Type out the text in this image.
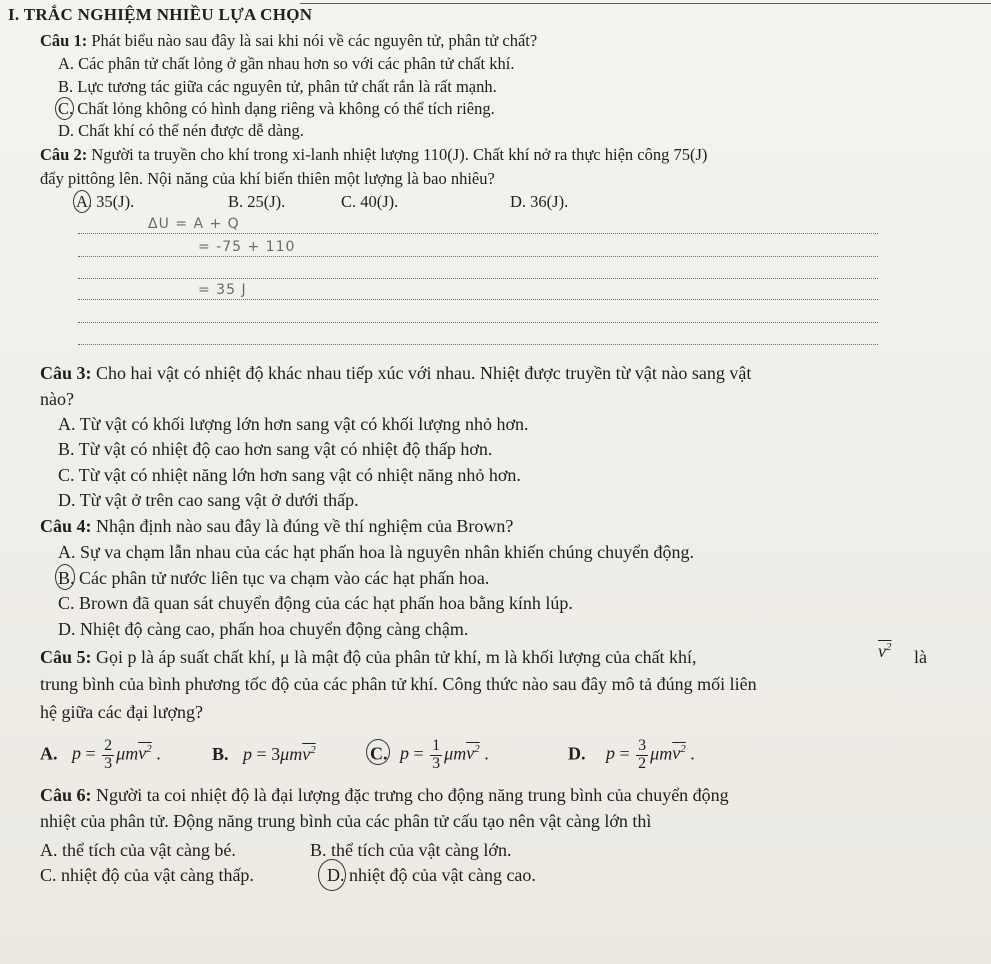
I. TRẮC NGHIỆM NHIỀU LỰA CHỌN
Câu 1: Phát biểu nào sau đây là sai khi nói về các nguyên tử, phân tử chất?
A. Các phân tử chất lỏng ở gần nhau hơn so với các phân tử chất khí.
B. Lực tương tác giữa các nguyên tử, phân tử chất rắn là rất mạnh.
C. Chất lỏng không có hình dạng riêng và không có thể tích riêng.
D. Chất khí có thể nén được dễ dàng.
Câu 2: Người ta truyền cho khí trong xi-lanh nhiệt lượng 110(J). Chất khí nở ra thực hiện công 75(J)
đẩy pittông lên. Nội năng của khí biến thiên một lượng là bao nhiêu?
A. 35(J).	B. 25(J).	C. 40(J).	D. 36(J).
ΔU = A + Q
= -75 + 110
= 35 J
Câu 3: Cho hai vật có nhiệt độ khác nhau tiếp xúc với nhau. Nhiệt được truyền từ vật nào sang vật
nào?
A. Từ vật có khối lượng lớn hơn sang vật có khối lượng nhỏ hơn.
B. Từ vật có nhiệt độ cao hơn sang vật có nhiệt độ thấp hơn.
C. Từ vật có nhiệt năng lớn hơn sang vật có nhiệt năng nhỏ hơn.
D. Từ vật ở trên cao sang vật ở dưới thấp.
Câu 4: Nhận định nào sau đây là đúng về thí nghiệm của Brown?
A. Sự va chạm lẫn nhau của các hạt phấn hoa là nguyên nhân khiến chúng chuyển động.
B. Các phân tử nước liên tục va chạm vào các hạt phấn hoa.
C. Brown đã quan sát chuyển động của các hạt phấn hoa bằng kính lúp.
D. Nhiệt độ càng cao, phấn hoa chuyển động càng chậm.
Câu 5: Gọi p là áp suất chất khí, μ là mật độ của phân tử khí, m là khối lượng của chất khí,	$v^2$ là
trung bình của bình phương tốc độ của các phân tử khí. Công thức nào sau đây mô tả đúng mối liên
hệ giữa các đại lượng?
A. $p = \frac{2}{3} \mu mv^2$ .	B. p = 3μmv$^2$	C. $p = \frac{1}{3} \mu mv^2$ .	D. $p = \frac{3}{2} \mu mv^2$ .
Câu 6: Người ta coi nhiệt độ là đại lượng đặc trưng cho động năng trung bình của chuyển động
nhiệt của phân tử. Động năng trung bình của các phân tử cấu tạo nên vật càng lớn thì
A. thể tích của vật càng bé.	B. thể tích của vật càng lớn.
C. nhiệt độ của vật càng thấp.	D. nhiệt độ của vật càng cao.
